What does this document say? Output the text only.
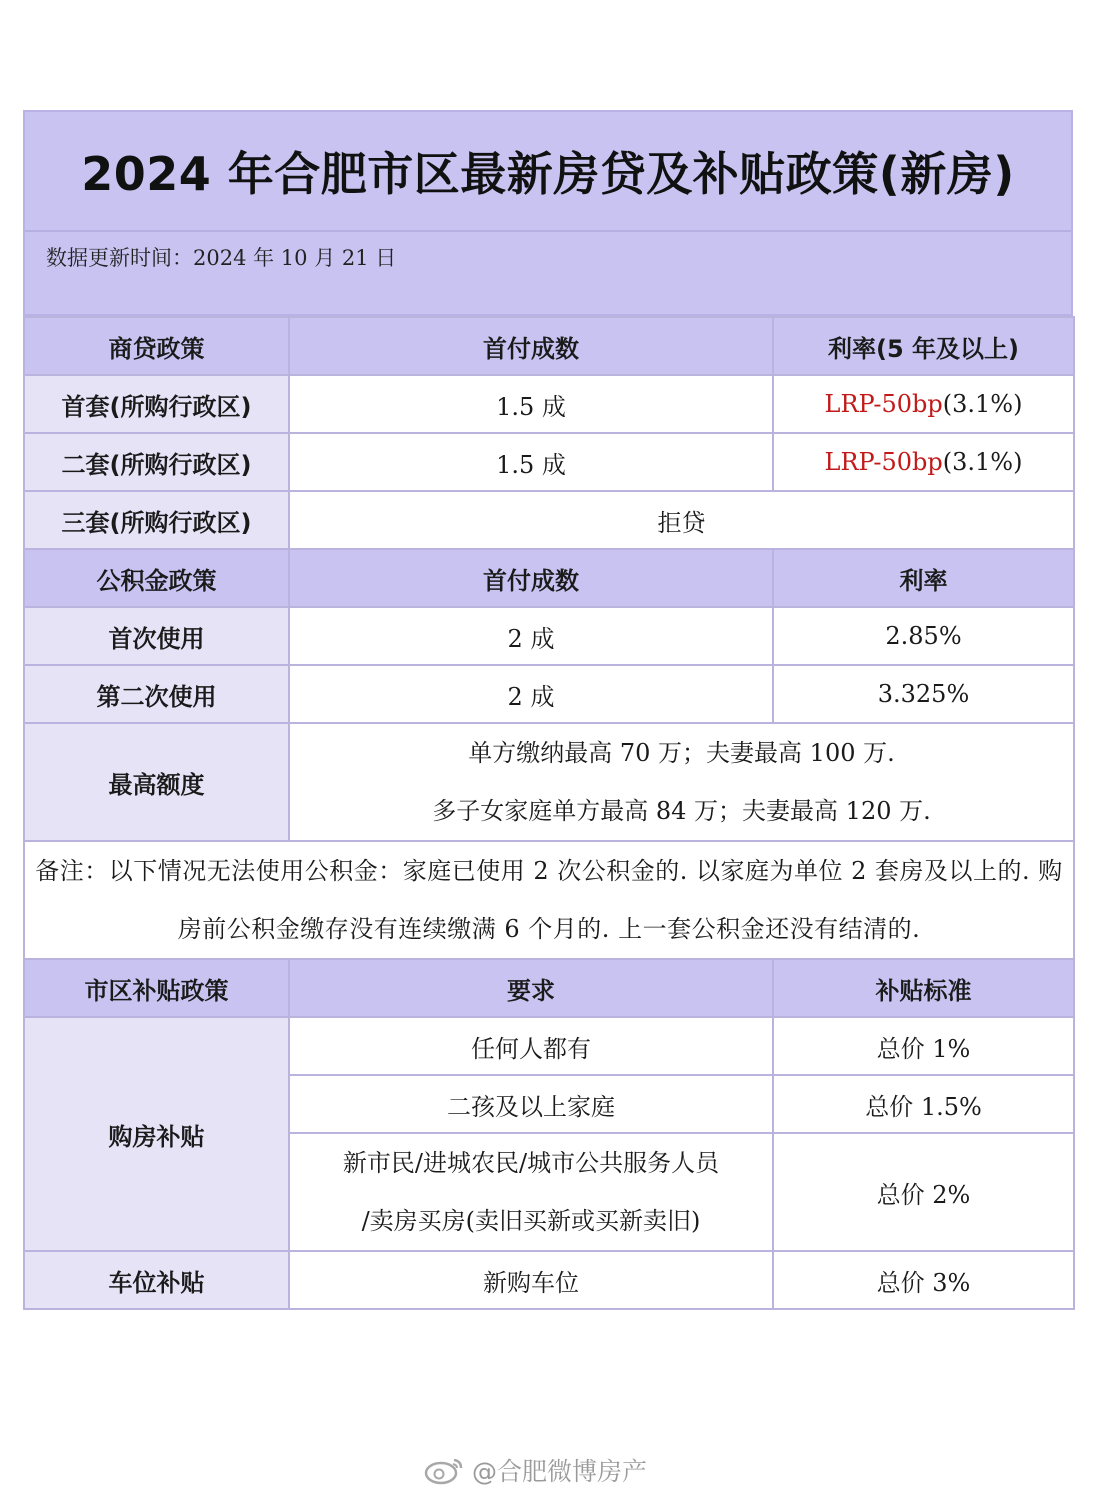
2024 年合肥市区最新房贷及补贴政策(新房)
数据更新时间：2024 年 10 月 21 日
商贷政策	首付成数	利率(5 年及以上)
首套(所购行政区)	1.5 成	LRP-50bp(3.1%)
二套(所购行政区)	1.5 成	LRP-50bp(3.1%)
三套(所购行政区)	拒贷	
公积金政策	首付成数	利率
首次使用	2 成	2.85%
第二次使用	2 成	3.325%
最高额度	单方缴纳最高 70 万；夫妻最高 100 万.
多子女家庭单方最高 84 万；夫妻最高 120 万.	

备注：以下情况无法使用公积金：家庭已使用 2 次公积金的. 以家庭为单位 2 套房及以上的. 购房前公积金缴存没有连续缴满 6 个月的. 上一套公积金还没有结清的.		
市区补贴政策	要求	补贴标准
购房补贴	任何人都有	总价 1%
	二孩及以上家庭	总价 1.5%

	新市民/进城农民/城市公共服务人员
/卖房买房(卖旧买新或买新卖旧)	总价 2%
车位补贴	新购车位	总价 3%
@合肥微博房产
